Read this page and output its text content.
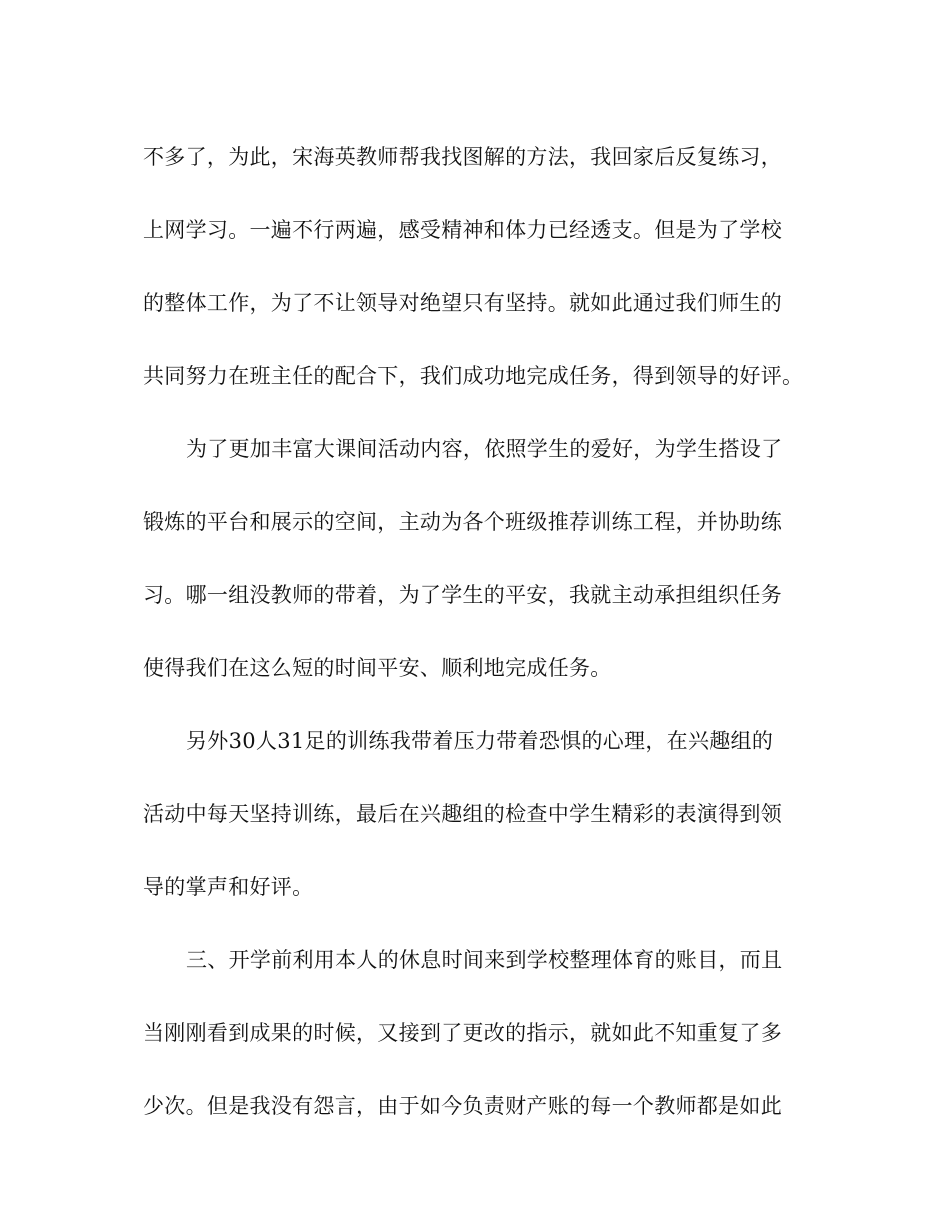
不多了，为此，宋海英教师帮我找图解的方法，我回家后反复练习，
上网学习。一遍不行两遍，感受精神和体力已经透支。但是为了学校
的整体工作，为了不让领导对绝望只有坚持。就如此通过我们师生的
共同努力在班主任的配合下，我们成功地完成任务，得到领导的好评。
为了更加丰富大课间活动内容，依照学生的爱好，为学生搭设了
锻炼的平台和展示的空间，主动为各个班级推荐训练工程，并协助练
习。哪一组没教师的带着，为了学生的平安，我就主动承担组织任务
使得我们在这么短的时间平安、顺利地完成任务。
另外30人31足的训练我带着压力带着恐惧的心理，在兴趣组的
活动中每天坚持训练，最后在兴趣组的检查中学生精彩的表演得到领
导的掌声和好评。
三、开学前利用本人的休息时间来到学校整理体育的账目，而且
当刚刚看到成果的时候，又接到了更改的指示，就如此不知重复了多
少次。但是我没有怨言，由于如今负责财产账的每一个教师都是如此
